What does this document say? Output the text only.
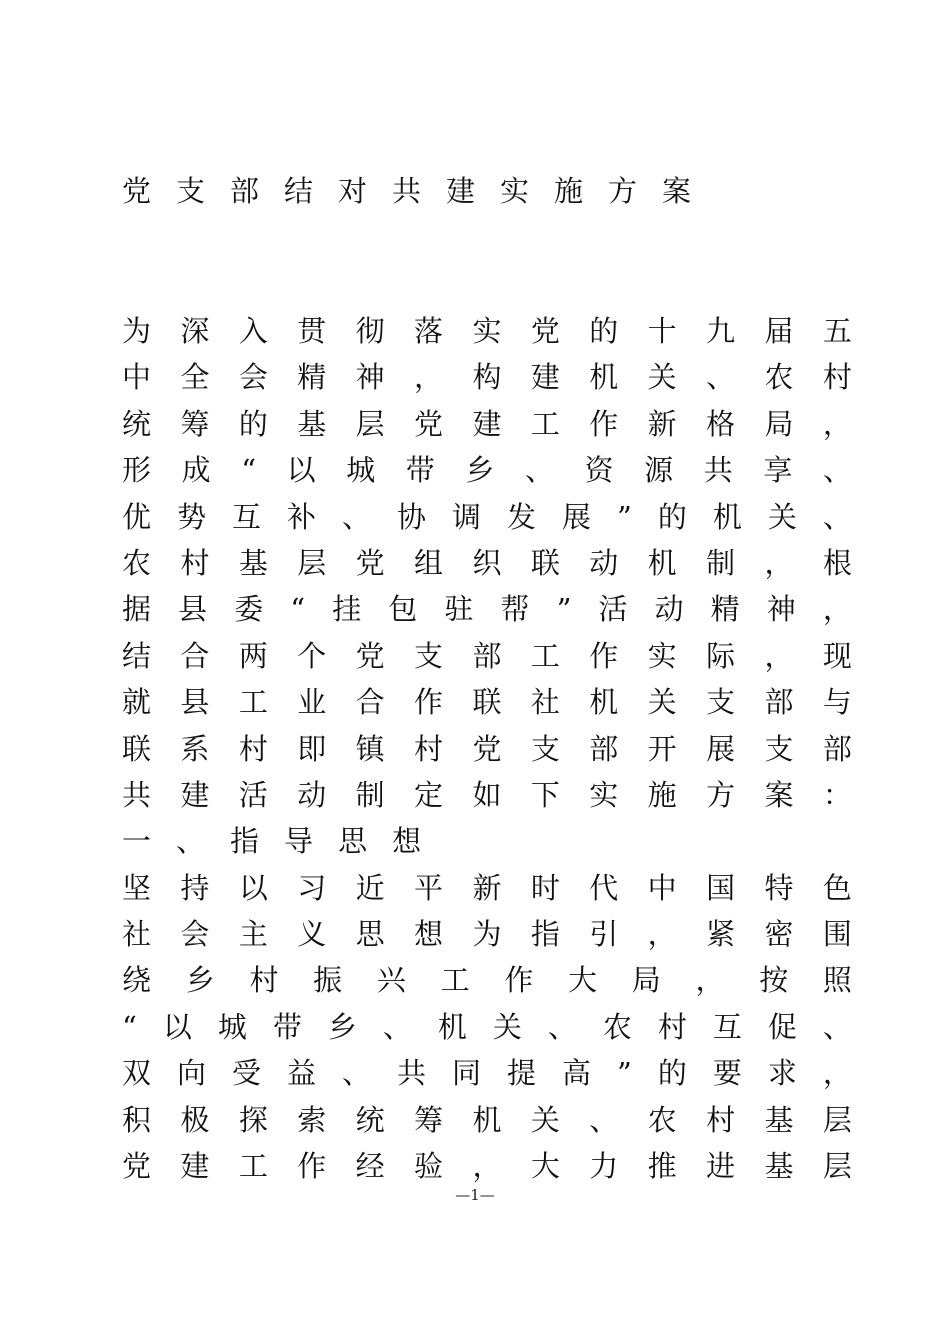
党支部结对共建实施方案
为 深 入 贯 彻 落 实 党 的 十 九 届 五
中 全 会 精 神 ， 构 建 机 关 、 农 村
统 筹 的 基 层 党 建 工 作 新 格 局 ，
形 成 “ 以 城 带 乡 、 资 源 共 享 、
优 势 互 补 、 协 调 发 展 ” 的 机 关 、
农 村 基 层 党 组 织 联 动 机 制 ， 根
据 县 委 “ 挂 包 驻 帮 ” 活 动 精 神 ，
结 合 两 个 党 支 部 工 作 实 际 ， 现
就 县 工 业 合 作 联 社 机 关 支 部 与
联 系 村 即 镇 村 党 支 部 开 展 支 部
共 建 活 动 制 定 如 下 实 施 方 案 ：
一 、 指 导 思 想
坚 持 以 习 近 平 新 时 代 中 国 特 色
社 会 主 义 思 想 为 指 引 ， 紧 密 围
绕 乡 村 振 兴 工 作 大 局 ， 按 照
“ 以 城 带 乡 、 机 关 、 农 村 互 促 、
双 向 受 益 、 共 同 提 高 ” 的 要 求 ，
积 极 探 索 统 筹 机 关 、 农 村 基 层
党 建 工 作 经 验 ， 大 力 推 进 基 层
—1—
